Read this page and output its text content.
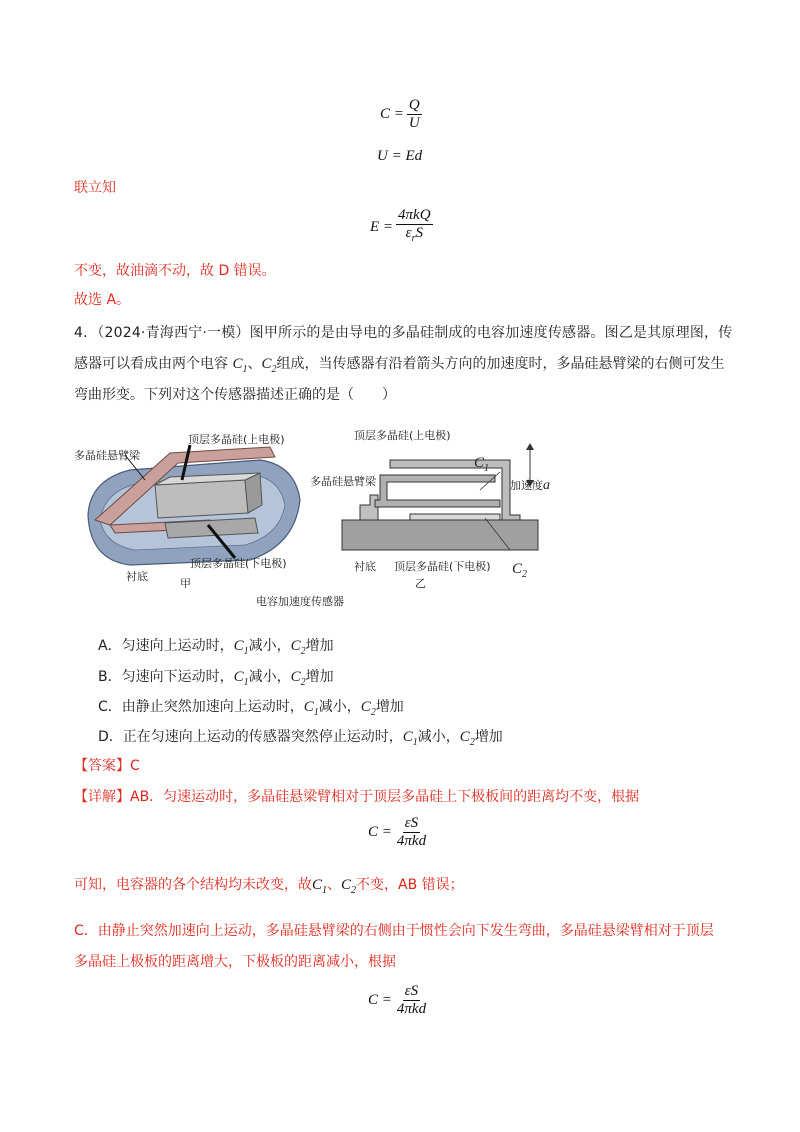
$C = \frac{Q}{U}$
U = Ed
联立知
$E = \frac{\text{4πkQ}}{\varepsilon_rS}$
不变，故油滴不动，故 D 错误。
故选 A。
4．（2024·青海西宁·一模）图甲所示的是由导电的多晶硅制成的电容加速度传感器。图乙是其原理图，传
感器可以看成由两个电容 $C_1$、$C_2$组成，当传感器有沿着箭头方向的加速度时，多晶硅悬臂梁的右侧可发生
弯曲形变。下列对这个传感器描述正确的是（　　）
多晶硅悬臂梁
顶层多晶硅(上电极)
衬底
顶层多晶硅(下电极)
甲
顶层多晶硅(上电极)
多晶硅悬臂梁
衬底 顶层多晶硅(下电极)
乙
$C_1$
$C_2$
加速度a
电容加速度传感器
A．匀速向上运动时，$C_1$减小，$C_2$增加
B．匀速向下运动时，$C_1$减小，$C_2$增加
C．由静止突然加速向上运动时，$C_1$减小，$C_2$增加
D．正在匀速向上运动的传感器突然停止运动时，$C_1$减小，$C_2$增加
【答案】C
【详解】AB．匀速运动时，多晶硅悬梁臂相对于顶层多晶硅上下极板间的距离均不变，根据
$C = \frac{\varepsilon S}{\text{4πkd}}$
可知，电容器的各个结构均未改变，故$C_1$、$C_2$不变，AB 错误；
C．由静止突然加速向上运动，多晶硅悬臂梁的右侧由于惯性会向下发生弯曲，多晶硅悬梁臂相对于顶层
多晶硅上极板的距离增大，下极板的距离减小，根据
$C = \frac{\varepsilon S}{\text{4πkd}}$
